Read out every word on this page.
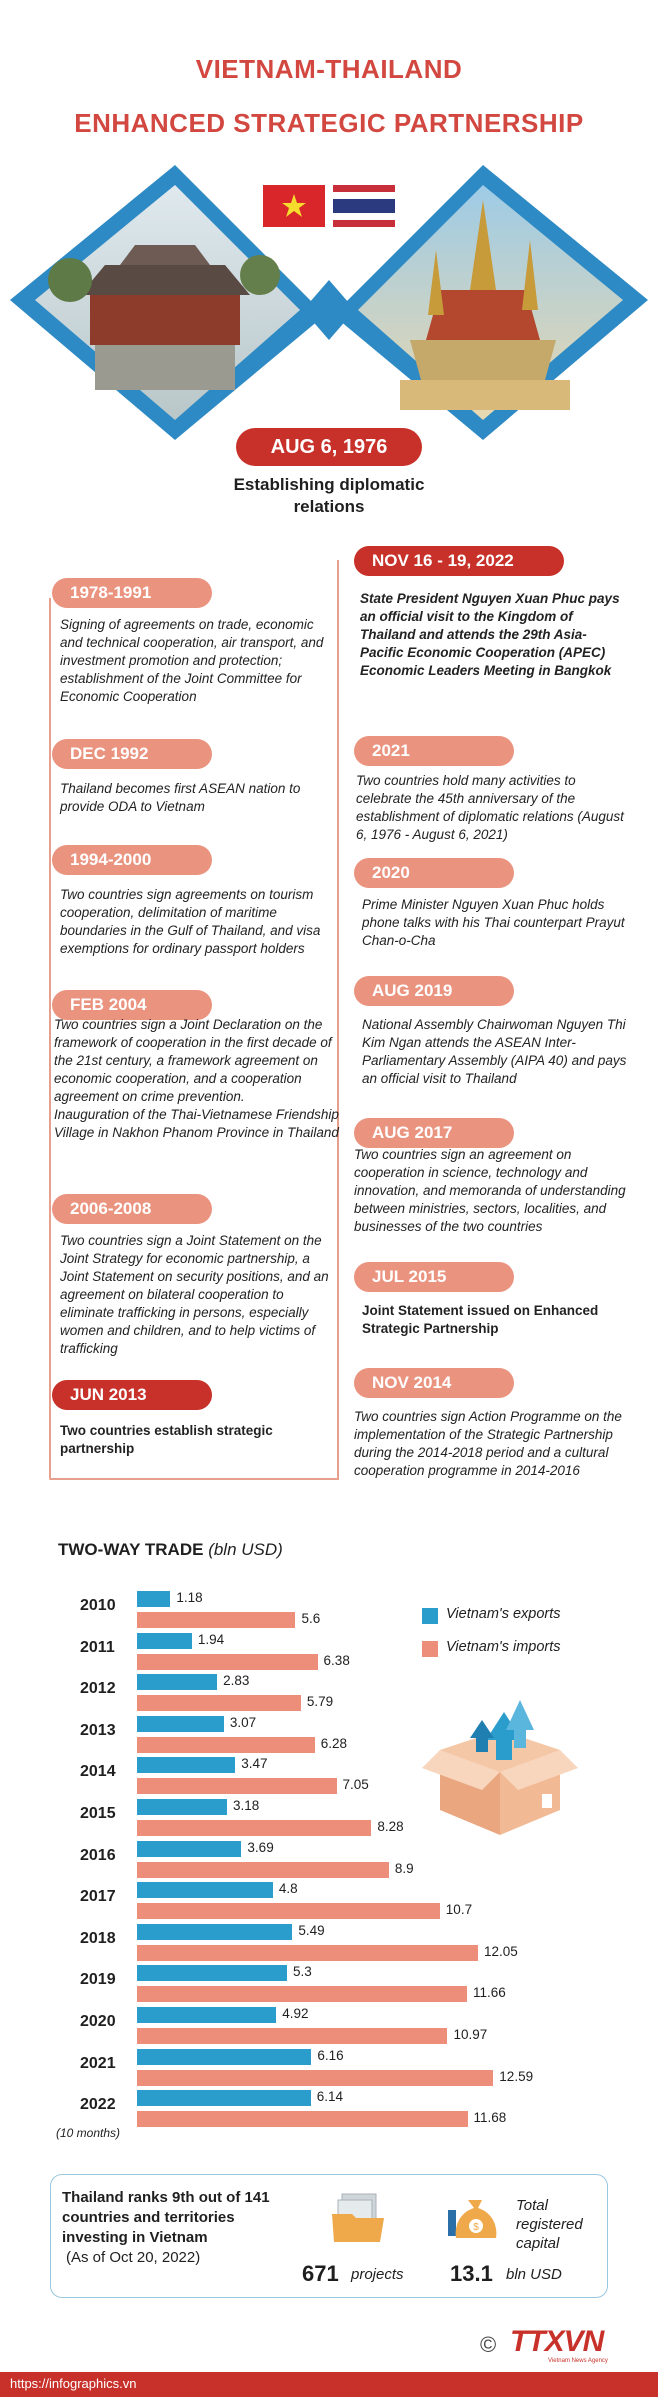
VIETNAM-THAILAND
ENHANCED STRATEGIC PARTNERSHIP
AUG 6, 1976
Establishing diplomatic
relations
1978-1991
Signing of agreements on trade, economic and technical cooperation, air transport, and investment promotion and protection; establishment of the Joint Committee for Economic Cooperation
DEC 1992
Thailand becomes first ASEAN nation to provide ODA to Vietnam
1994-2000
Two countries sign agreements on tourism cooperation, delimitation of maritime boundaries in the Gulf of Thailand, and visa exemptions for ordinary passport holders
FEB 2004
Two countries sign a Joint Declaration on the framework of cooperation in the first decade of the 21st century, a framework agreement on economic cooperation, and a cooperation agreement on crime prevention.
Inauguration of the Thai-Vietnamese Friendship Village in Nakhon Phanom Province in Thailand
2006-2008
Two countries sign a Joint Statement on the Joint Strategy for economic partnership, a Joint Statement on security positions, and an agreement on bilateral cooperation to eliminate trafficking in persons, especially women and children, and to help victims of trafficking
JUN 2013
Two countries establish strategic partnership
NOV 16 - 19, 2022
State President Nguyen Xuan Phuc pays an official visit to the Kingdom of Thailand and attends the 29th Asia-Pacific Economic Cooperation (APEC) Economic Leaders Meeting in Bangkok
2021
Two countries hold many activities to celebrate the 45th anniversary of the establishment of diplomatic relations (August 6, 1976 - August 6, 2021)
2020
Prime Minister Nguyen Xuan Phuc holds phone talks with his Thai counterpart Prayut Chan-o-Cha
AUG 2019
National Assembly Chairwoman Nguyen Thi Kim Ngan attends the ASEAN Inter-Parliamentary Assembly (AIPA 40) and pays an official visit to Thailand
AUG 2017
Two countries sign an agreement on cooperation in science, technology and innovation, and memoranda of understanding between ministries, sectors, localities, and businesses of the two countries
JUL 2015
Joint Statement issued on Enhanced Strategic Partnership
NOV 2014
Two countries sign Action Programme on the implementation of the Strategic Partnership during the 2014-2018 period and a cultural cooperation programme in 2014-2016
TWO-WAY TRADE (bln USD)
2010	1.18
5.6
2011	1.94
6.38
2012	2.83
5.79
2013	3.07
6.28
2014	3.47
7.05
2015	3.18
8.28
2016	3.69
8.9
2017	4.8
10.7
2018	5.49
12.05
2019	5.3
11.66
2020	4.92
10.97
2021	6.16
12.59
2022	6.14
11.68
(10 months)
Vietnam's exports
Vietnam's imports
Thailand ranks 9th out of 141 countries and territories investing in Vietnam
(As of Oct 20, 2022)
671 projects
$
Total registered capital
13.1 bln USD
https://infographics.vn
© TTXVN
Vietnam News Agency
